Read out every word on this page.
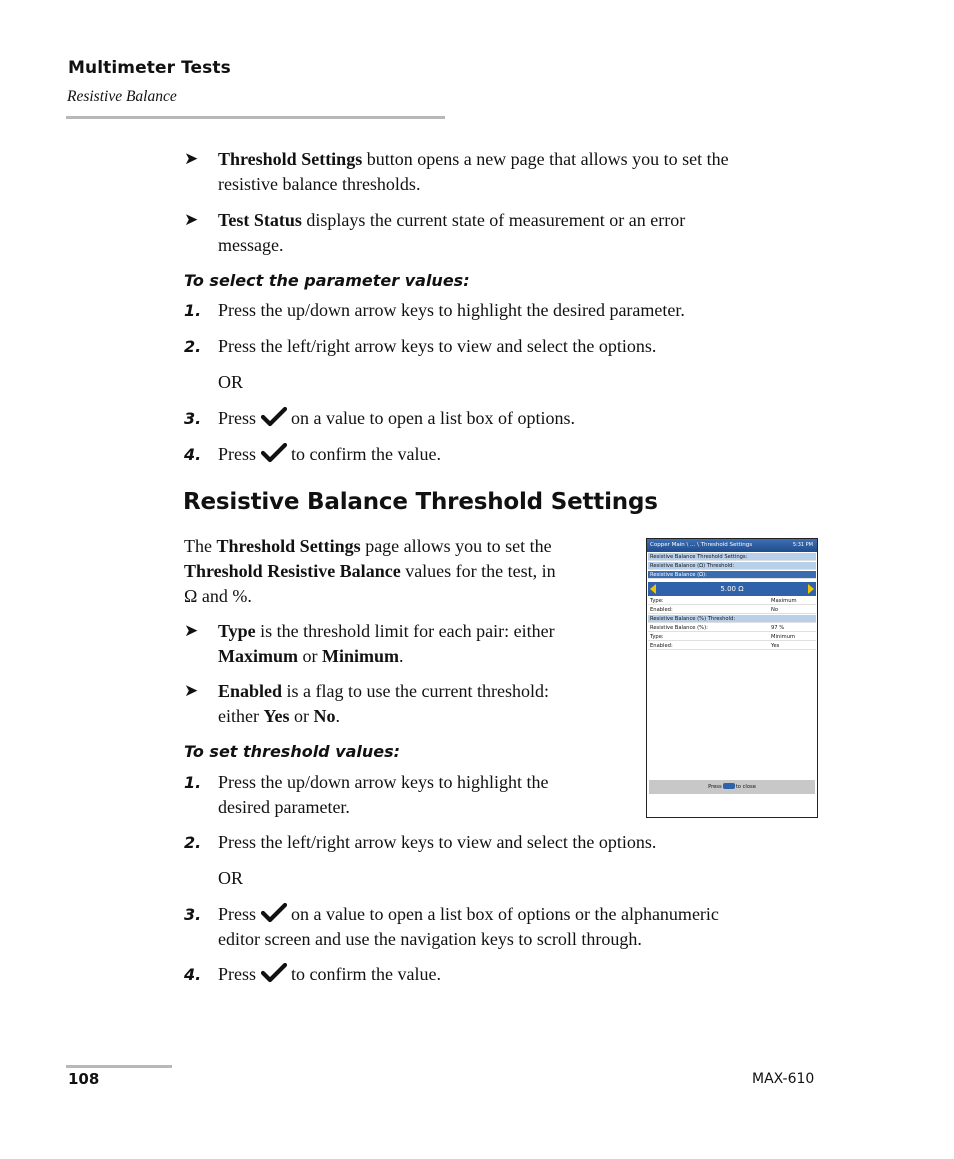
Multimeter Tests
Resistive Balance
➤ Threshold Settings button opens a new page that allows you to set the
resistive balance thresholds.
➤ Test Status displays the current state of measurement or an error
message.
To select the parameter values:
1. Press the up/down arrow keys to highlight the desired parameter.
2. Press the left/right arrow keys to view and select the options.
OR
3. Press on a value to open a list box of options.
4. Press to confirm the value.
Resistive Balance Threshold Settings
The Threshold Settings page allows you to set the
Threshold Resistive Balance values for the test, in
Ω and %.
➤ Type is the threshold limit for each pair: either
Maximum or Minimum.
➤ Enabled is a flag to use the current threshold:
either Yes or No.
To set threshold values:
1. Press the up/down arrow keys to highlight the
desired parameter.
2. Press the left/right arrow keys to view and select the options.
OR
3. Press on a value to open a list box of options or the alphanumeric
editor screen and use the navigation keys to scroll through.
4. Press to confirm the value.
Copper Main \ ... \ Threshold Settings	5:31 PM
Resistive Balance Threshold Settings:
Resistive Balance (Ω) Threshold:
Resistive Balance (Ω):
5.00 Ω
Type:	Maximum
Enabled:	No
Resistive Balance (%) Threshold:
Resistive Balance (%):	97 %
Type:	Minimum
Enabled:	Yes
Press	to close
108	MAX-610
